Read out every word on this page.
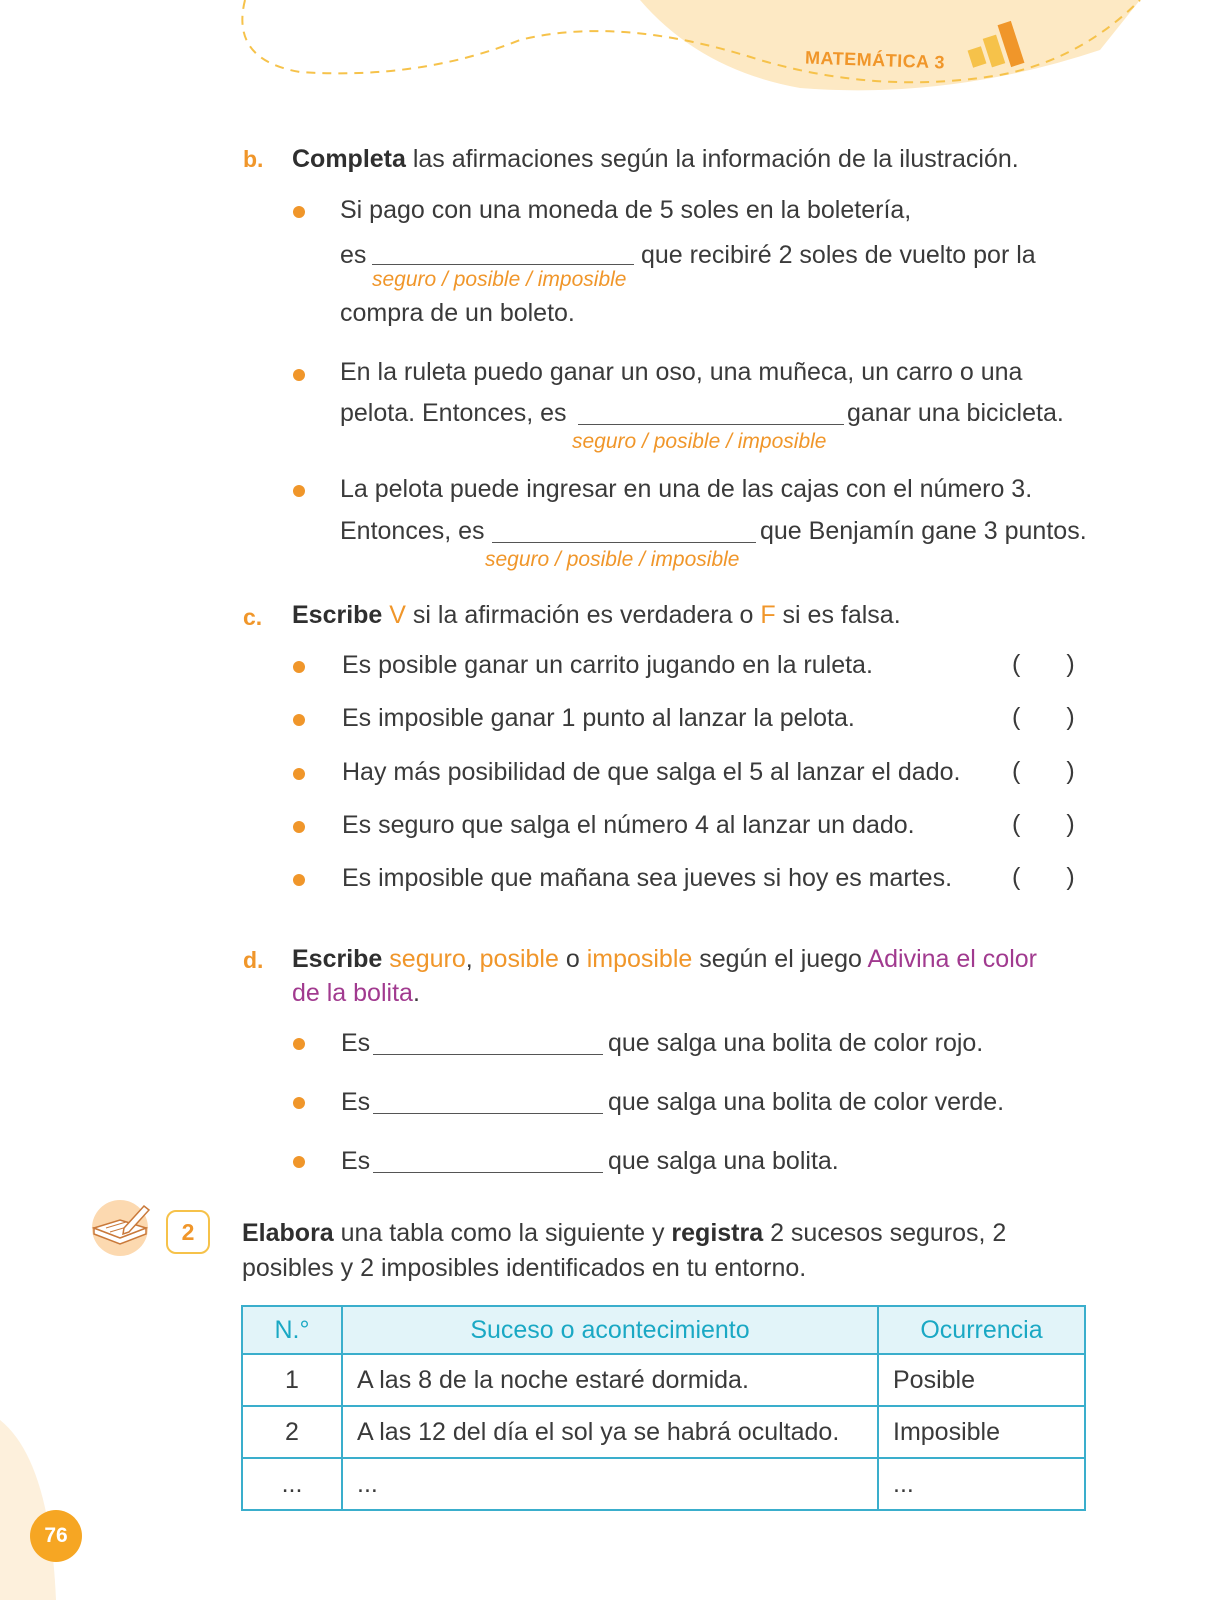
MATEMÁTICA 3
b. Completa las afirmaciones según la información de la ilustración.
Si pago con una moneda de 5 soles en la boletería,
es
seguro / posible / imposible
que recibiré 2 soles de vuelto por la
compra de un boleto.
En la ruleta puedo ganar un oso, una muñeca, un carro o una
pelota. Entonces, es
seguro / posible / imposible
ganar una bicicleta.
La pelota puede ingresar en una de las cajas con el número 3.
Entonces, es
seguro / posible / imposible
que Benjamín gane 3 puntos.
c. Escribe V si la afirmación es verdadera o F si es falsa.
Es posible ganar un carrito jugando en la ruleta.	( )
Es imposible ganar 1 punto al lanzar la pelota.	( )
Hay más posibilidad de que salga el 5 al lanzar el dado. ( )
Es seguro que salga el número 4 al lanzar un dado.	( )
Es imposible que mañana sea jueves si hoy es martes. ( )
d. Escribe seguro, posible o imposible según el juego Adivina el color
de la bolita.
Es	que salga una bolita de color rojo.
Es	que salga una bolita de color verde.
Es	que salga una bolita.
2 Elabora una tabla como la siguiente y registra 2 sucesos seguros, 2
posibles y 2 imposibles identificados en tu entorno.
N.°	Suceso o acontecimiento	Ocurrencia
1	A las 8 de la noche estaré dormida.	Posible
2	A las 12 del día el sol ya se habrá ocultado.	Imposible
...	...	...
76
